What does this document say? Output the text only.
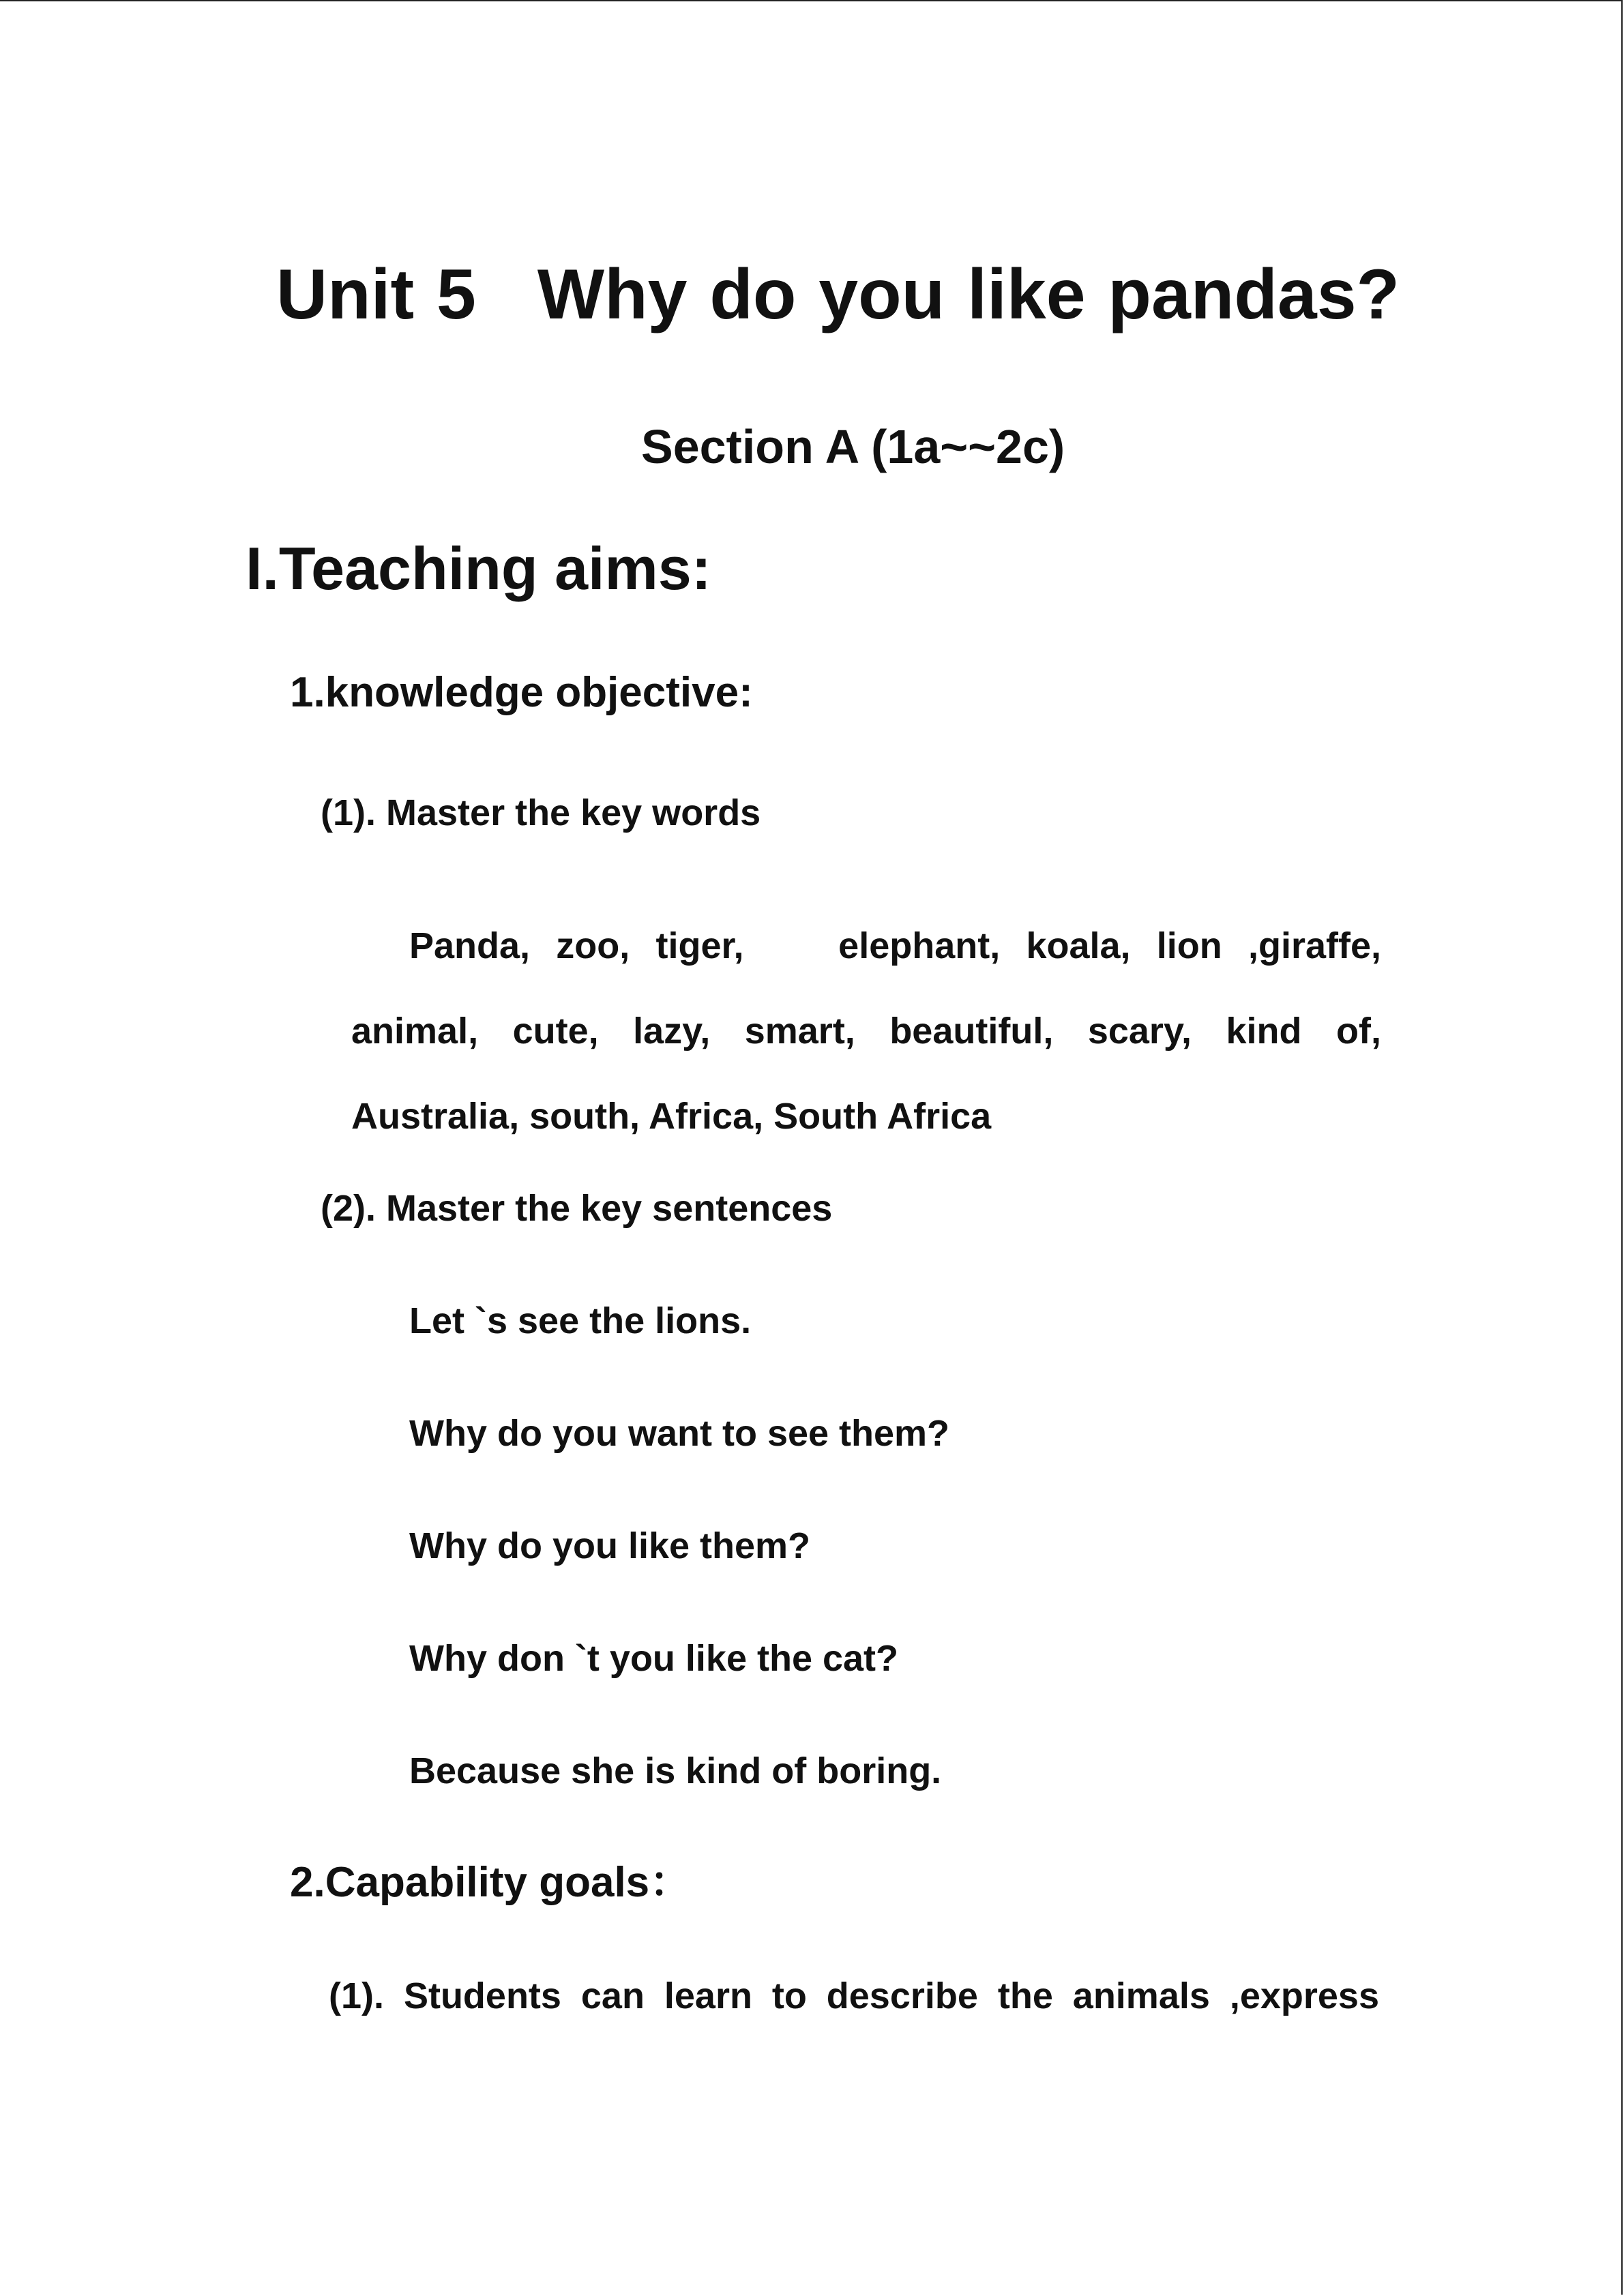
Unit 5 Why do you like pandas?
Section A (1a~~2c)
I.Teaching aims:
1.knowledge objective:
(1). Master the key words

Panda, zoo, tiger,　 elephant, koala, lion ,giraffe, animal, cute, lazy, smart, beautiful, scary, kind of, Australia, south, Africa, South Africa

(2). Master the key sentences
Let `s see the lions.
Why do you want to see them?
Why do you like them?
Why don `t you like the cat?
Because she is kind of boring.
2.Capability goals：

(1). Students can learn to describe the animals ,express
